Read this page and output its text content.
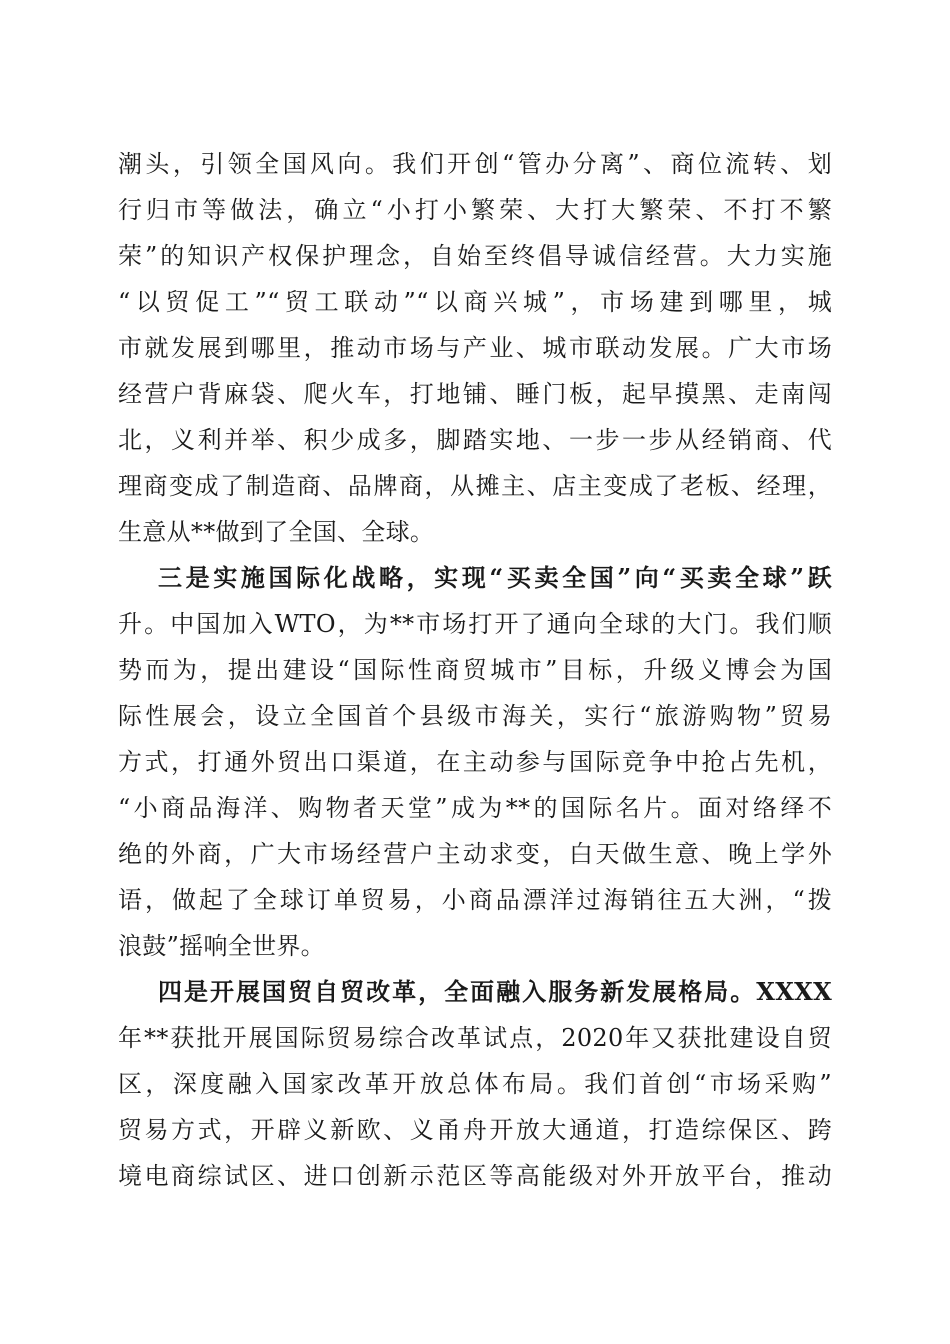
潮头，引领全国风向。我们开创“管办分离”、商位流转、划
行归市等做法，确立“小打小繁荣、大打大繁荣、不打不繁
荣”的知识产权保护理念，自始至终倡导诚信经营。大力实施
“以贸促工”“贸工联动”“以商兴城”，市场建到哪里，城
市就发展到哪里，推动市场与产业、城市联动发展。广大市场
经营户背麻袋、爬火车，打地铺、睡门板，起早摸黑、走南闯
北，义利并举、积少成多，脚踏实地、一步一步从经销商、代
理商变成了制造商、品牌商，从摊主、店主变成了老板、经理，
生意从**做到了全国、全球。
三是实施国际化战略，实现“买卖全国”向“买卖全球”跃
升。中国加入WTO，为**市场打开了通向全球的大门。我们顺
势而为，提出建设“国际性商贸城市”目标，升级义博会为国
际性展会，设立全国首个县级市海关，实行“旅游购物”贸易
方式，打通外贸出口渠道，在主动参与国际竞争中抢占先机，
“小商品海洋、购物者天堂”成为**的国际名片。面对络绎不
绝的外商，广大市场经营户主动求变，白天做生意、晚上学外
语，做起了全球订单贸易，小商品漂洋过海销往五大洲，“拨
浪鼓”摇响全世界。
四是开展国贸自贸改革，全面融入服务新发展格局。XXXX
年**获批开展国际贸易综合改革试点，2020年又获批建设自贸
区，深度融入国家改革开放总体布局。我们首创“市场采购”
贸易方式，开辟义新欧、义甬舟开放大通道，打造综保区、跨
境电商综试区、进口创新示范区等高能级对外开放平台，推动
